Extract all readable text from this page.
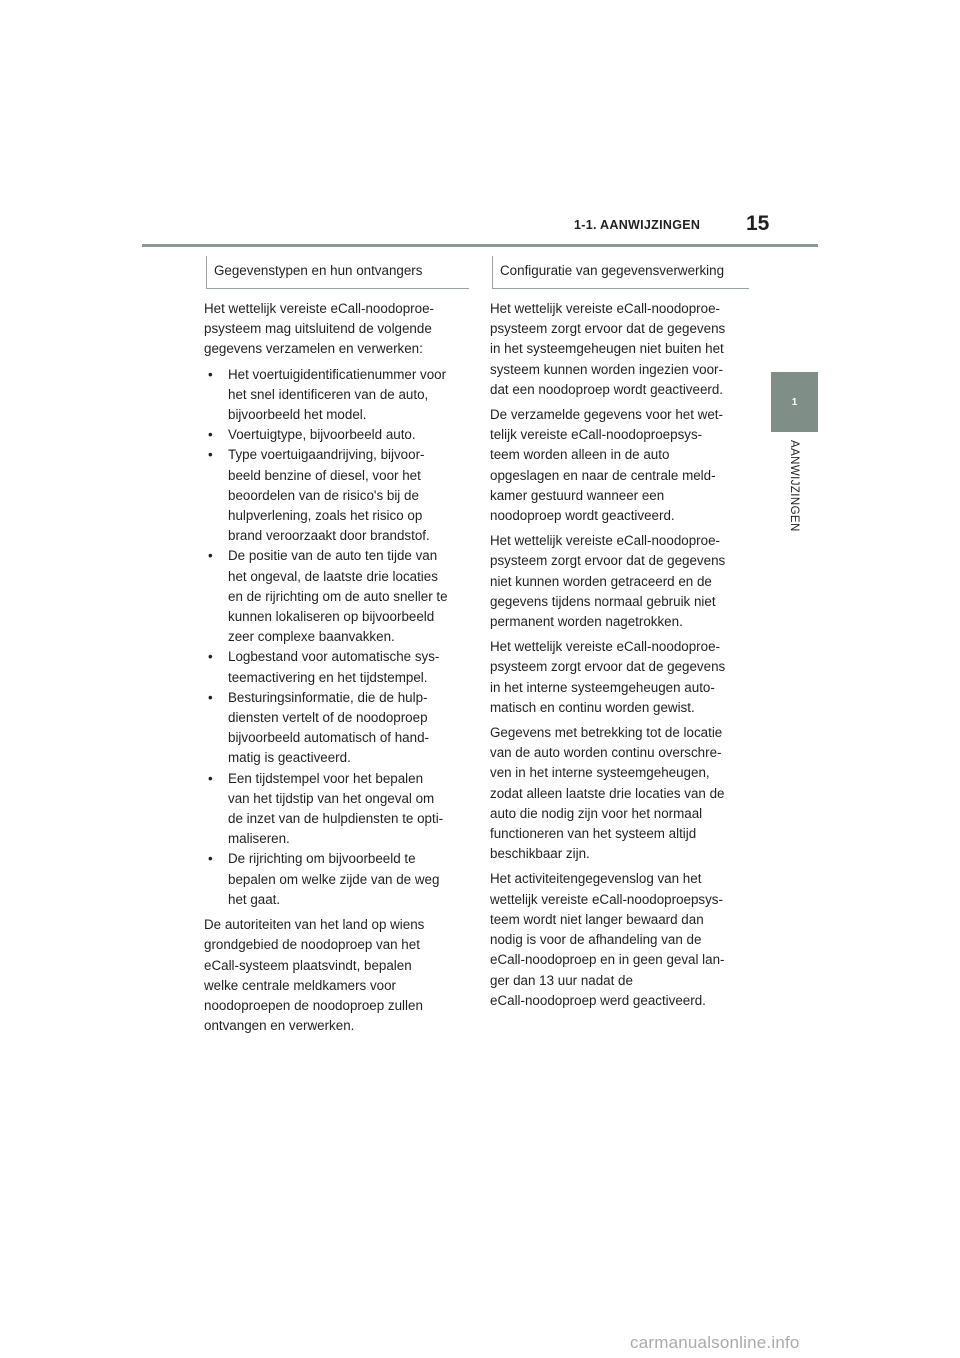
1-1. AANWIJZINGEN 15
1
AANWIJZINGEN
Gegevenstypen en hun ontvangers

Het wettelijk vereiste eCall-noodoproe-
psysteem mag uitsluitend de volgende
gegevens verzamelen en verwerken:

• Het voertuigidentificatienummer voor
het snel identificeren van de auto,
bijvoorbeeld het model.
• Voertuigtype, bijvoorbeeld auto.
• Type voertuigaandrijving, bijvoor-
beeld benzine of diesel, voor het
beoordelen van de risico's bij de
hulpverlening, zoals het risico op
brand veroorzaakt door brandstof.
• De positie van de auto ten tijde van
het ongeval, de laatste drie locaties
en de rijrichting om de auto sneller te
kunnen lokaliseren op bijvoorbeeld
zeer complexe baanvakken.
• Logbestand voor automatische sys-
teemactivering en het tijdstempel.
• Besturingsinformatie, die de hulp-
diensten vertelt of de noodoproep
bijvoorbeeld automatisch of hand-
matig is geactiveerd.
• Een tijdstempel voor het bepalen
van het tijdstip van het ongeval om
de inzet van de hulpdiensten te opti-
maliseren.
• De rijrichting om bijvoorbeeld te
bepalen om welke zijde van de weg
het gaat.

De autoriteiten van het land op wiens
grondgebied de noodoproep van het
eCall-systeem plaatsvindt, bepalen
welke centrale meldkamers voor
noodoproepen de noodoproep zullen
ontvangen en verwerken.

Configuratie van gegevensverwerking

Het wettelijk vereiste eCall-noodoproe-
psysteem zorgt ervoor dat de gegevens
in het systeemgeheugen niet buiten het
systeem kunnen worden ingezien voor-
dat een noodoproep wordt geactiveerd.

De verzamelde gegevens voor het wet-
telijk vereiste eCall-noodoproepsys-
teem worden alleen in de auto
opgeslagen en naar de centrale meld-
kamer gestuurd wanneer een
noodoproep wordt geactiveerd.

Het wettelijk vereiste eCall-noodoproe-
psysteem zorgt ervoor dat de gegevens
niet kunnen worden getraceerd en de
gegevens tijdens normaal gebruik niet
permanent worden nagetrokken.

Het wettelijk vereiste eCall-noodoproe-
psysteem zorgt ervoor dat de gegevens
in het interne systeemgeheugen auto-
matisch en continu worden gewist.

Gegevens met betrekking tot de locatie
van de auto worden continu overschre-
ven in het interne systeemgeheugen,
zodat alleen laatste drie locaties van de
auto die nodig zijn voor het normaal
functioneren van het systeem altijd
beschikbaar zijn.

Het activiteitengegevenslog van het
wettelijk vereiste eCall-noodoproepsys-
teem wordt niet langer bewaard dan
nodig is voor de afhandeling van de
eCall-noodoproep en in geen geval lan-
ger dan 13 uur nadat de
eCall-noodoproep werd geactiveerd.

carmanualsonline.info
